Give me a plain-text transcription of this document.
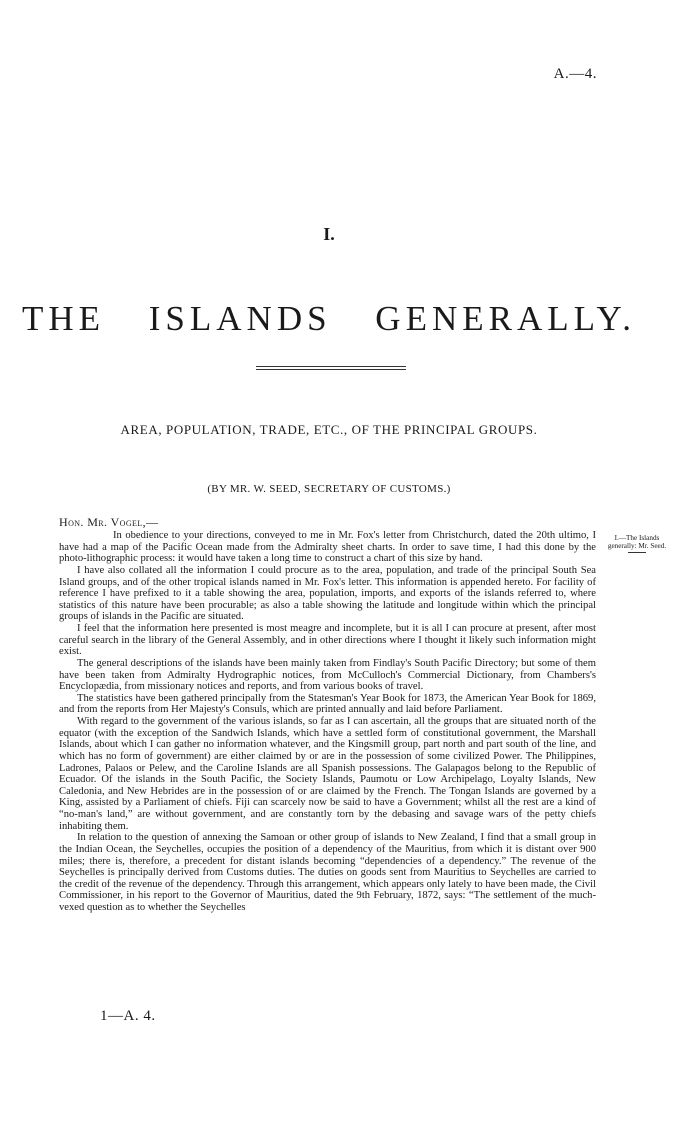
A.—4.
I.
THE ISLANDS GENERALLY.
AREA, POPULATION, TRADE, ETC., OF THE PRINCIPAL GROUPS.
(BY MR. W. SEED, SECRETARY OF CUSTOMS.)
Hon. Mr. Vogel,—
I.—The Islands generally: Mr. Seed.

In obedience to your directions, conveyed to me in Mr. Fox's letter from Christchurch, dated the 20th ultimo, I have had a map of the Pacific Ocean made from the Admiralty sheet charts. In order to save time, I had this done by the photo-lithographic process: it would have taken a long time to construct a chart of this size by hand.

I have also collated all the information I could procure as to the area, population, and trade of the principal South Sea Island groups, and of the other tropical islands named in Mr. Fox's letter. This information is appended hereto. For facility of reference I have prefixed to it a table showing the area, population, imports, and exports of the islands referred to, where statistics of this nature have been procurable; as also a table showing the latitude and longitude within which the principal groups of islands in the Pacific are situated.

I feel that the information here presented is most meagre and incomplete, but it is all I can procure at present, after most careful search in the library of the General Assembly, and in other directions where I thought it likely such information might exist.

The general descriptions of the islands have been mainly taken from Findlay's South Pacific Directory; but some of them have been taken from Admiralty Hydrographic notices, from McCulloch's Commercial Dictionary, from Chambers's Encyclopædia, from missionary notices and reports, and from various books of travel.

The statistics have been gathered principally from the Statesman's Year Book for 1873, the American Year Book for 1869, and from the reports from Her Majesty's Consuls, which are printed annually and laid before Parliament.

With regard to the government of the various islands, so far as I can ascertain, all the groups that are situated north of the equator (with the exception of the Sandwich Islands, which have a settled form of constitutional government, the Marshall Islands, about which I can gather no information whatever, and the Kingsmill group, part north and part south of the line, and which has no form of government) are either claimed by or are in the possession of some civilized Power. The Philippines, Ladrones, Palaos or Pelew, and the Caroline Islands are all Spanish possessions. The Galapagos belong to the Republic of Ecuador. Of the islands in the South Pacific, the Society Islands, Paumotu or Low Archipelago, Loyalty Islands, New Caledonia, and New Hebrides are in the possession of or are claimed by the French. The Tongan Islands are governed by a King, assisted by a Parliament of chiefs. Fiji can scarcely now be said to have a Government; whilst all the rest are a kind of “no-man's land,” are without government, and are constantly torn by the debasing and savage wars of the petty chiefs inhabiting them.

In relation to the question of annexing the Samoan or other group of islands to New Zealand, I find that a small group in the Indian Ocean, the Seychelles, occupies the position of a dependency of the Mauritius, from which it is distant over 900 miles; there is, therefore, a precedent for distant islands becoming “dependencies of a dependency.” The revenue of the Seychelles is principally derived from Customs duties. The duties on goods sent from Mauritius to Seychelles are carried to the credit of the revenue of the dependency. Through this arrangement, which appears only lately to have been made, the Civil Commissioner, in his report to the Governor of Mauritius, dated the 9th February, 1872, says: “The settlement of the much-vexed question as to whether the Seychelles

1—A. 4.
